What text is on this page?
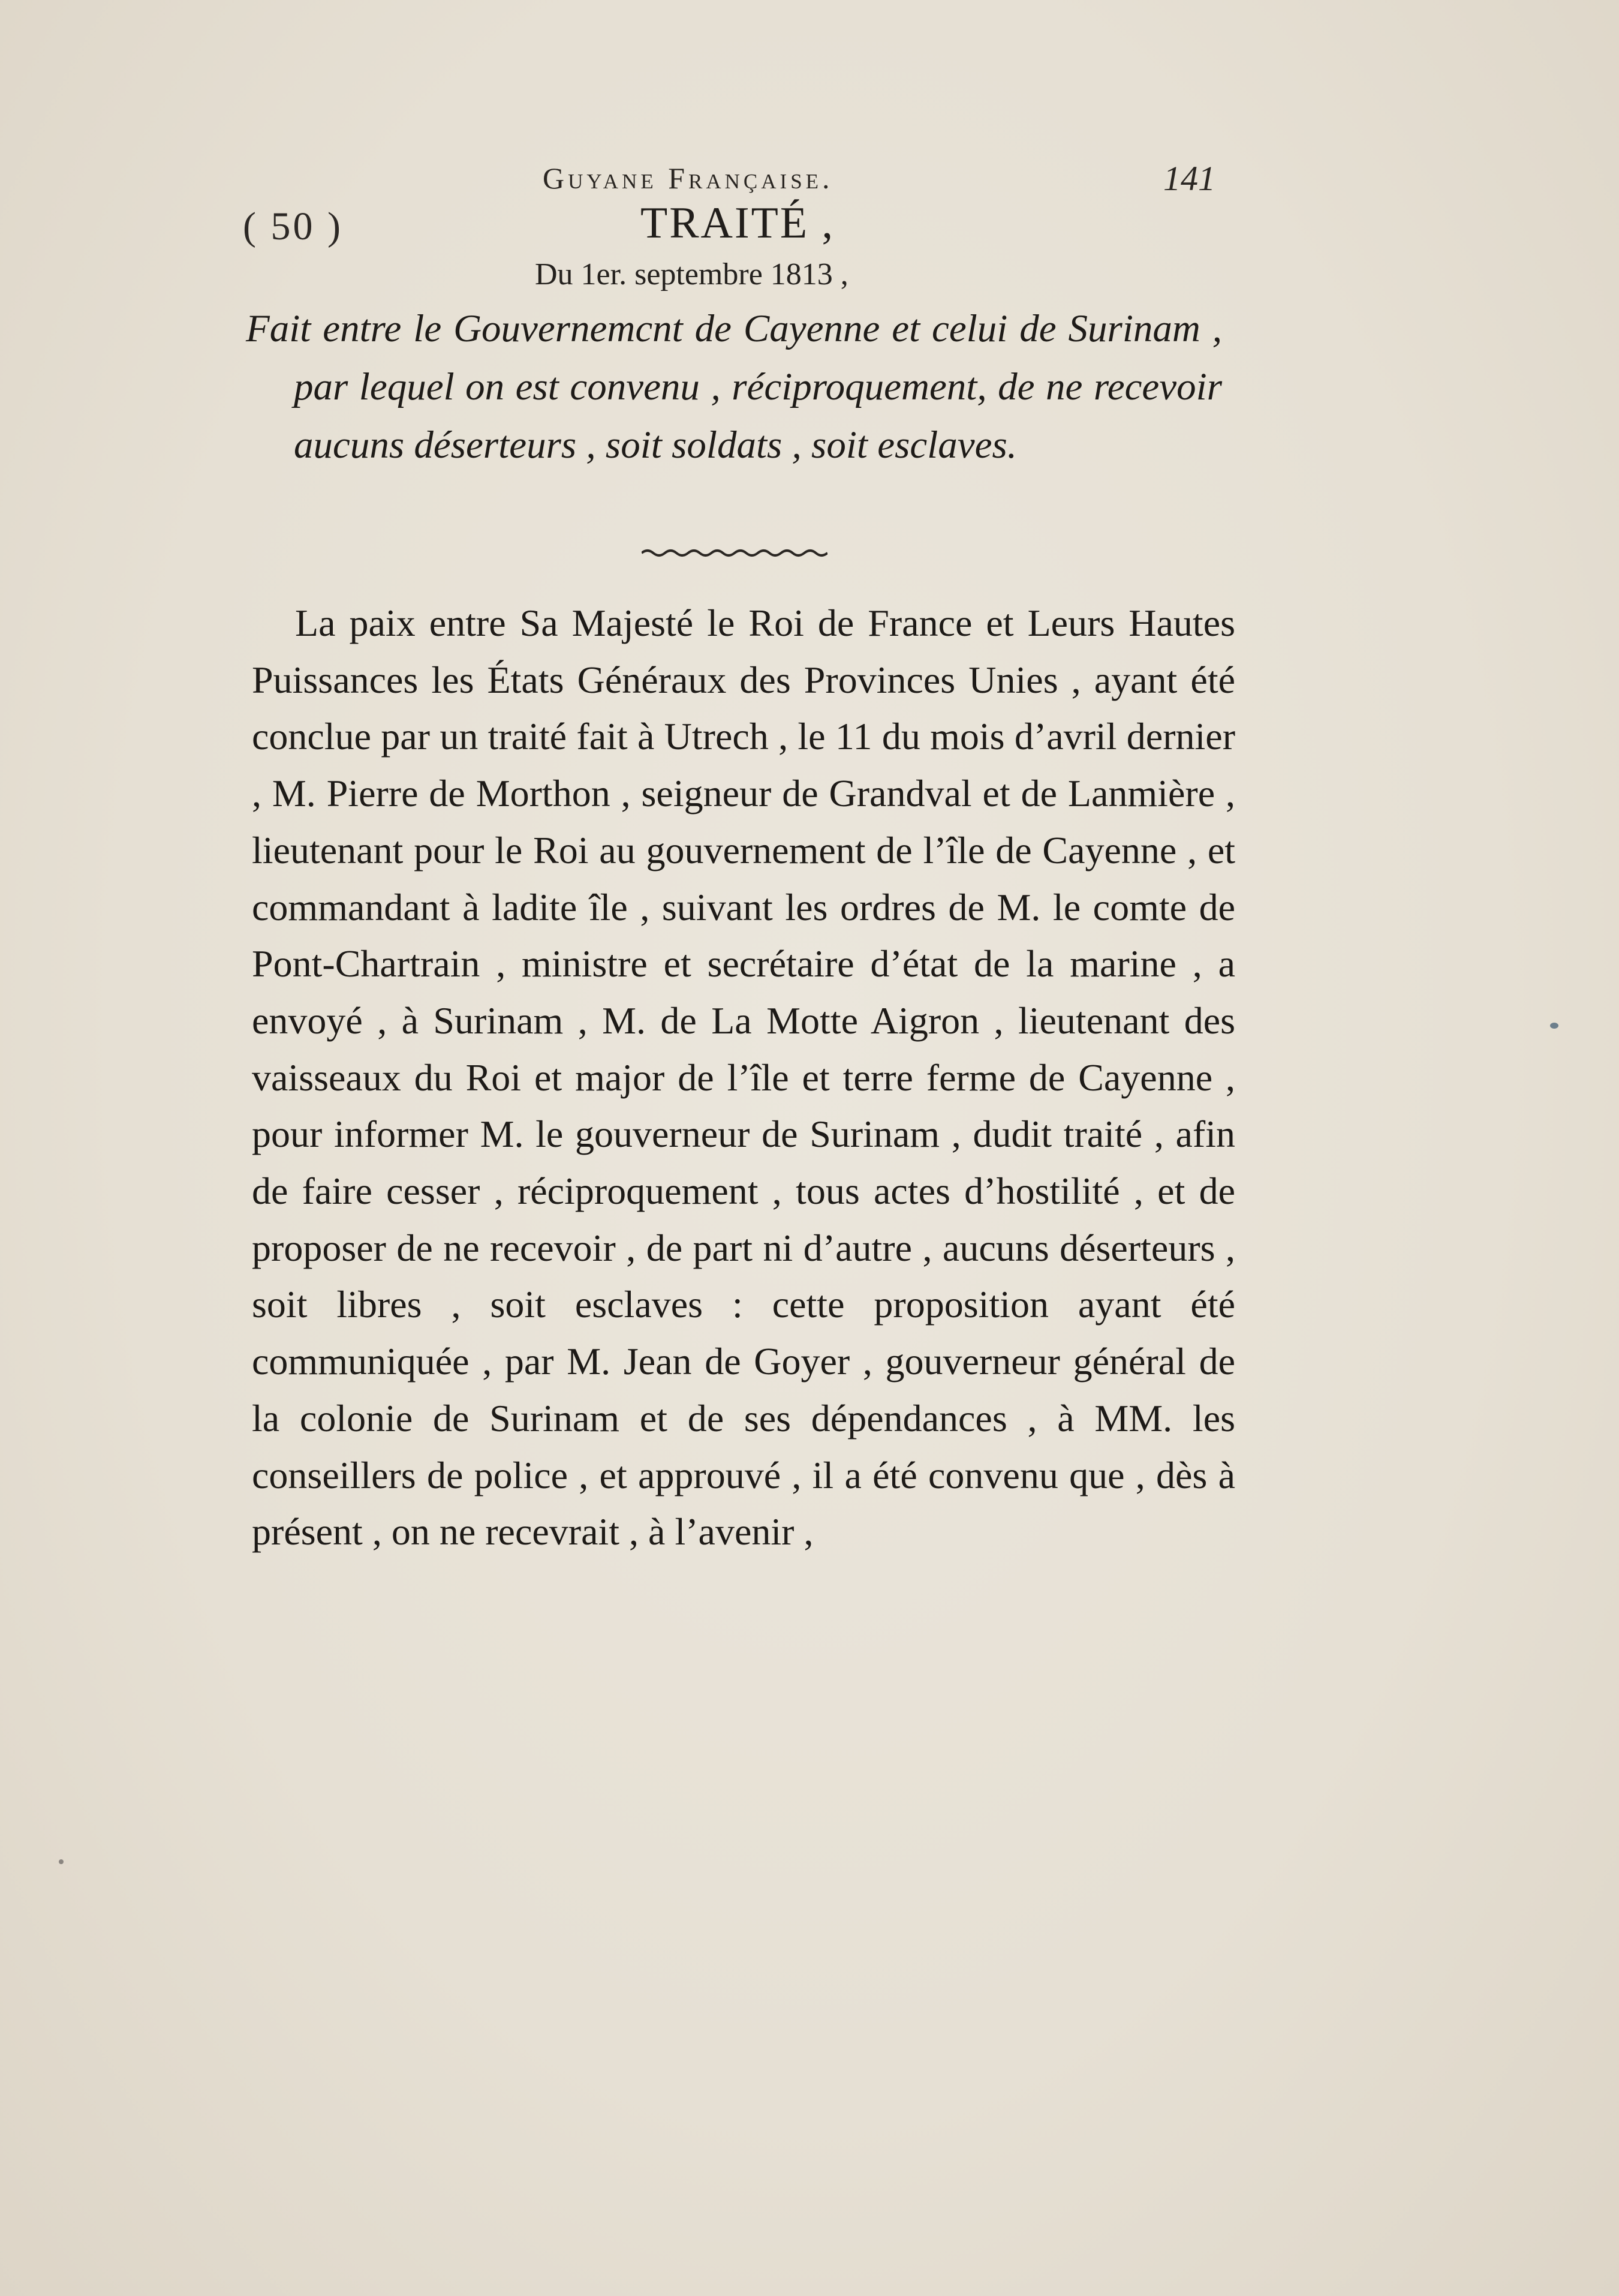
Guyane Française.	141
( 50 )	TRAITÉ ,
Du 1er. septembre 1813 ,
Fait entre le Gouvernemcnt de Cayenne et celui de Surinam , par lequel on est convenu , réciproquement, de ne recevoir aucuns déserteurs , soit soldats , soit esclaves.

La paix entre Sa Majesté le Roi de France et Leurs Hautes Puissances les États Généraux des Provinces Unies , ayant été conclue par un traité fait à Utrech , le 11 du mois d’avril dernier , M. Pierre de Morthon , seigneur de Grandval et de Lanmière , lieutenant pour le Roi au gouvernement de l’île de Cayenne , et commandant à ladite île , suivant les ordres de M. le comte de Pont-Chartrain , ministre et secrétaire d’état de la marine , a envoyé , à Surinam , M. de La Motte Aigron , lieutenant des vaisseaux du Roi et major de l’île et terre ferme de Cayenne , pour informer M. le gouverneur de Surinam , dudit traité , afin de faire cesser , réciproquement , tous actes d’hostilité , et de proposer de ne recevoir , de part ni d’autre , aucuns déserteurs , soit libres , soit esclaves : cette proposition ayant été communiquée , par M. Jean de Goyer , gouverneur général de la colonie de Surinam et de ses dépendances , à MM. les conseillers de police , et approuvé , il a été convenu que , dès à présent , on ne recevrait , à l’avenir ,
